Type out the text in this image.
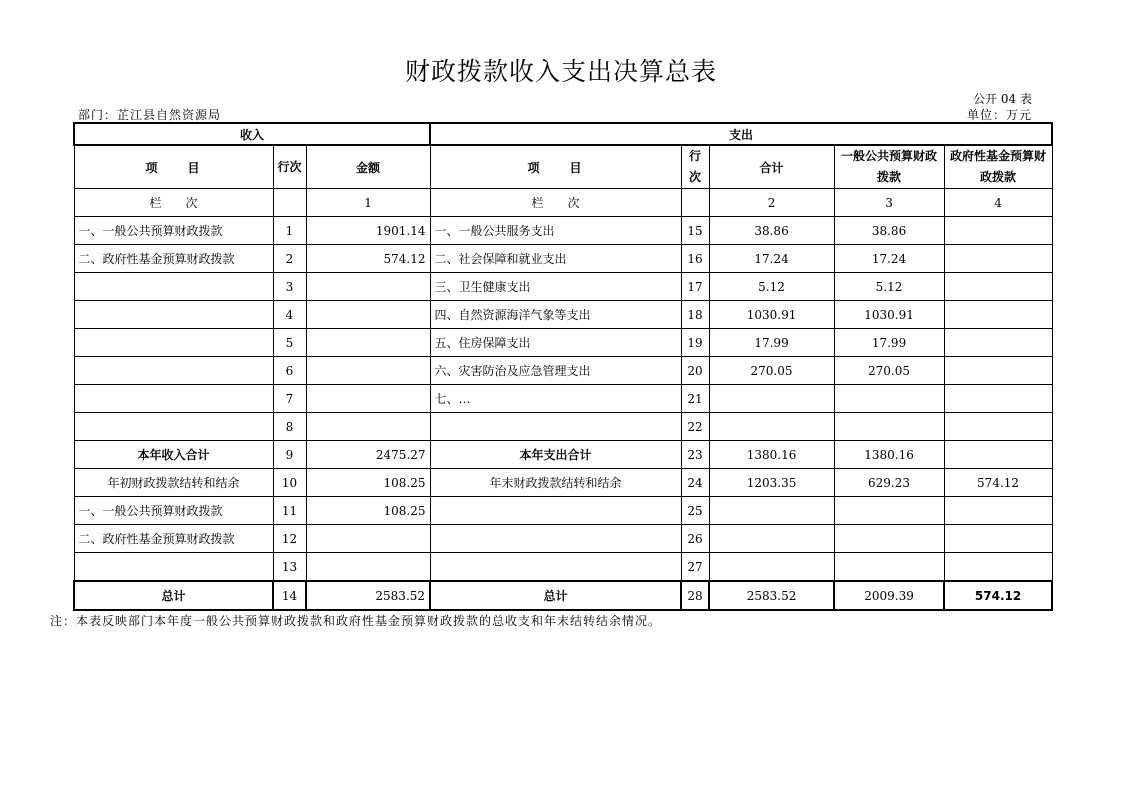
财政拨款收入支出决算总表
公开 04 表
部门：芷江县自然资源局	单位：万元
收入			支出				
项　　目	行次	金额	项　　目	行次	合计	一般公共预算财政拨款	政府性基金预算财政拨款
栏　　次		1	栏　　次		2	3	4
一、一般公共预算财政拨款	1	1901.14	一、一般公共服务支出	15	38.86	38.86	
二、政府性基金预算财政拨款	2	574.12	二、社会保障和就业支出	16	17.24	17.24	
	3		三、卫生健康支出	17	5.12	5.12	
	4		四、自然资源海洋气象等支出	18	1030.91	1030.91	
	5		五、住房保障支出	19	17.99	17.99	
	6		六、灾害防治及应急管理支出	20	270.05	270.05	
	7		七、…	21			
	8			22			
本年收入合计	9	2475.27	本年支出合计	23	1380.16	1380.16	
年初财政拨款结转和结余	10	108.25	年末财政拨款结转和结余	24	1203.35	629.23	574.12
一、一般公共预算财政拨款	11	108.25		25			
二、政府性基金预算财政拨款	12			26			
	13			27			
总计	14	2583.52	总计	28	2583.52	2009.39	574.12
注：本表反映部门本年度一般公共预算财政拨款和政府性基金预算财政拨款的总收支和年末结转结余情况。
